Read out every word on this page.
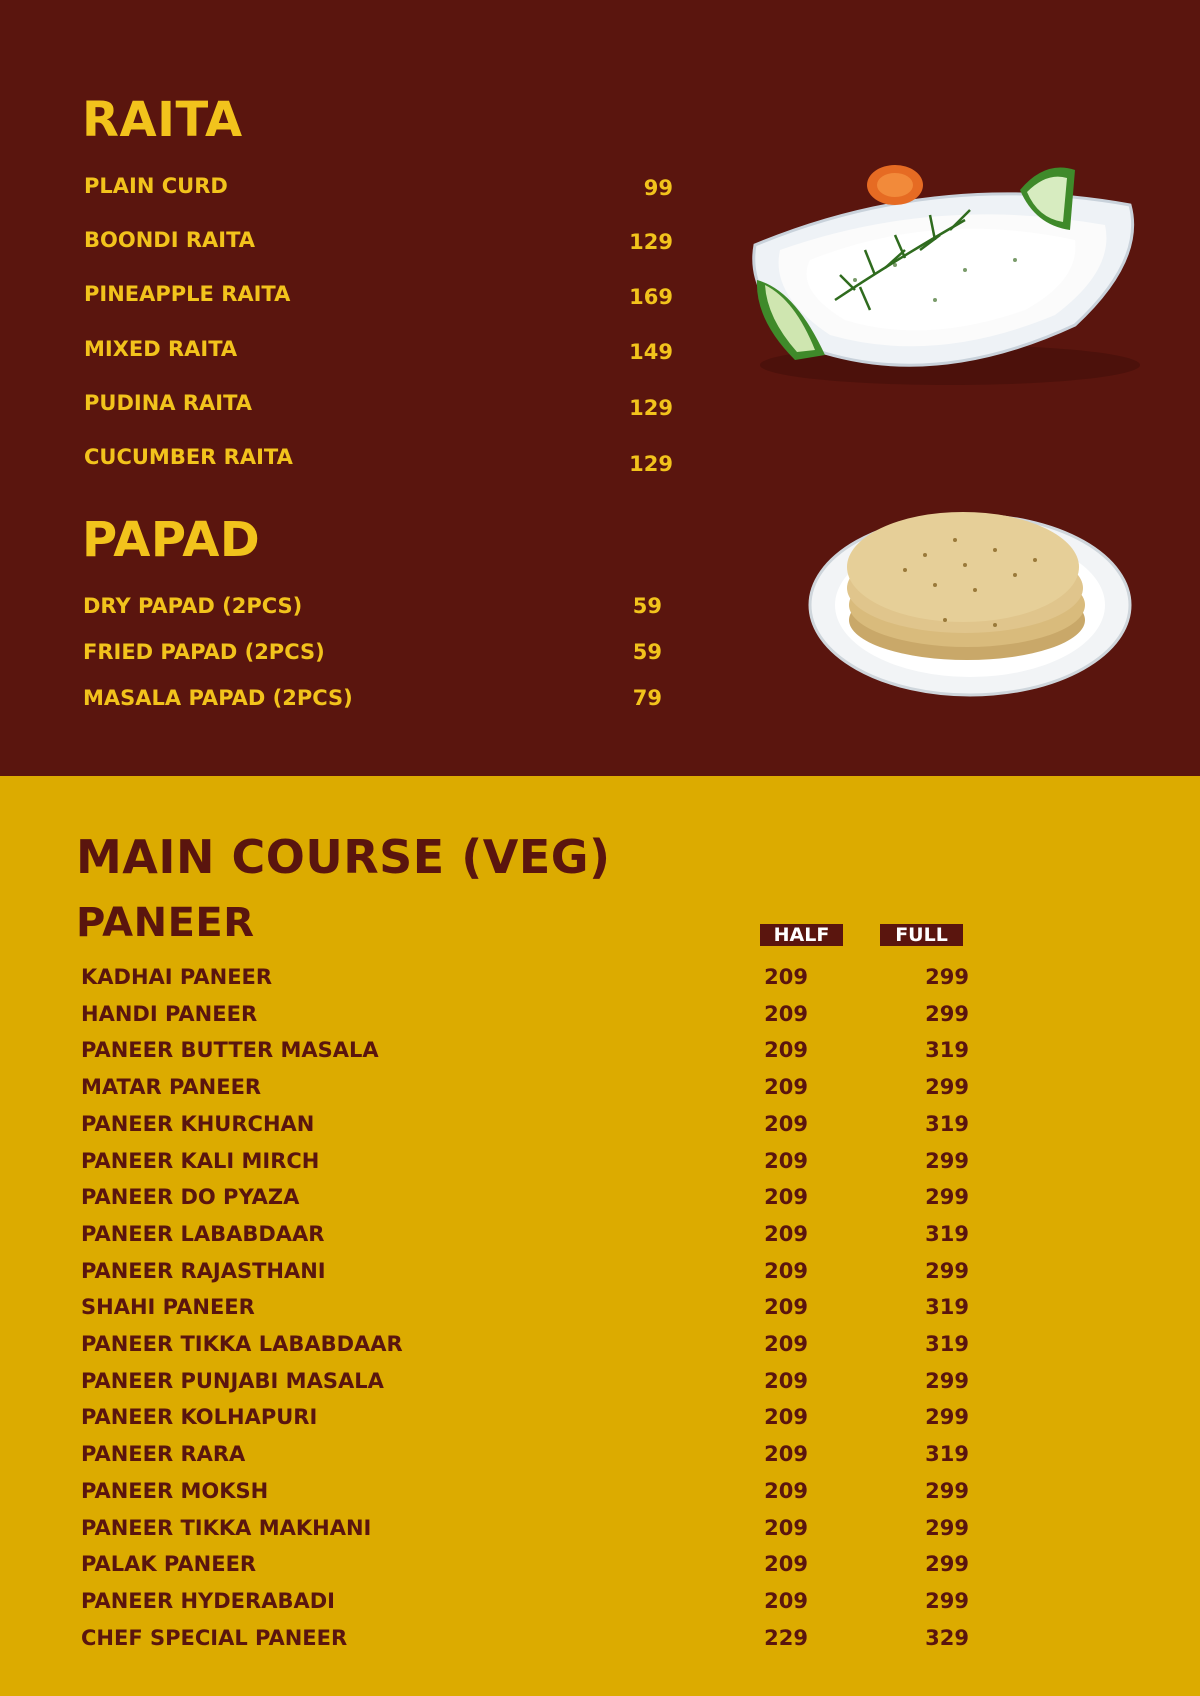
RAITA
PLAIN CURD	99
BOONDI RAITA	129
PINEAPPLE RAITA	169
MIXED RAITA	149
PUDINA RAITA	129
CUCUMBER RAITA	129
PAPAD
DRY PAPAD (2PCS)	59
FRIED PAPAD (2PCS)	59
MASALA PAPAD (2PCS)	79
MAIN COURSE (VEG)
PANEER	HALF	FULL
KADHAI PANEER	209	299
HANDI PANEER	209	299
PANEER BUTTER MASALA	209	319
MATAR PANEER	209	299
PANEER KHURCHAN	209	319
PANEER KALI MIRCH	209	299
PANEER DO PYAZA	209	299
PANEER LABABDAAR	209	319
PANEER RAJASTHANI	209	299
SHAHI PANEER	209	319
PANEER TIKKA LABABDAAR	209	319
PANEER PUNJABI MASALA	209	299
PANEER KOLHAPURI	209	299
PANEER RARA	209	319
PANEER MOKSH	209	299
PANEER TIKKA MAKHANI	209	299
PALAK PANEER	209	299
PANEER HYDERABADI	209	299
CHEF SPECIAL PANEER	229	329
